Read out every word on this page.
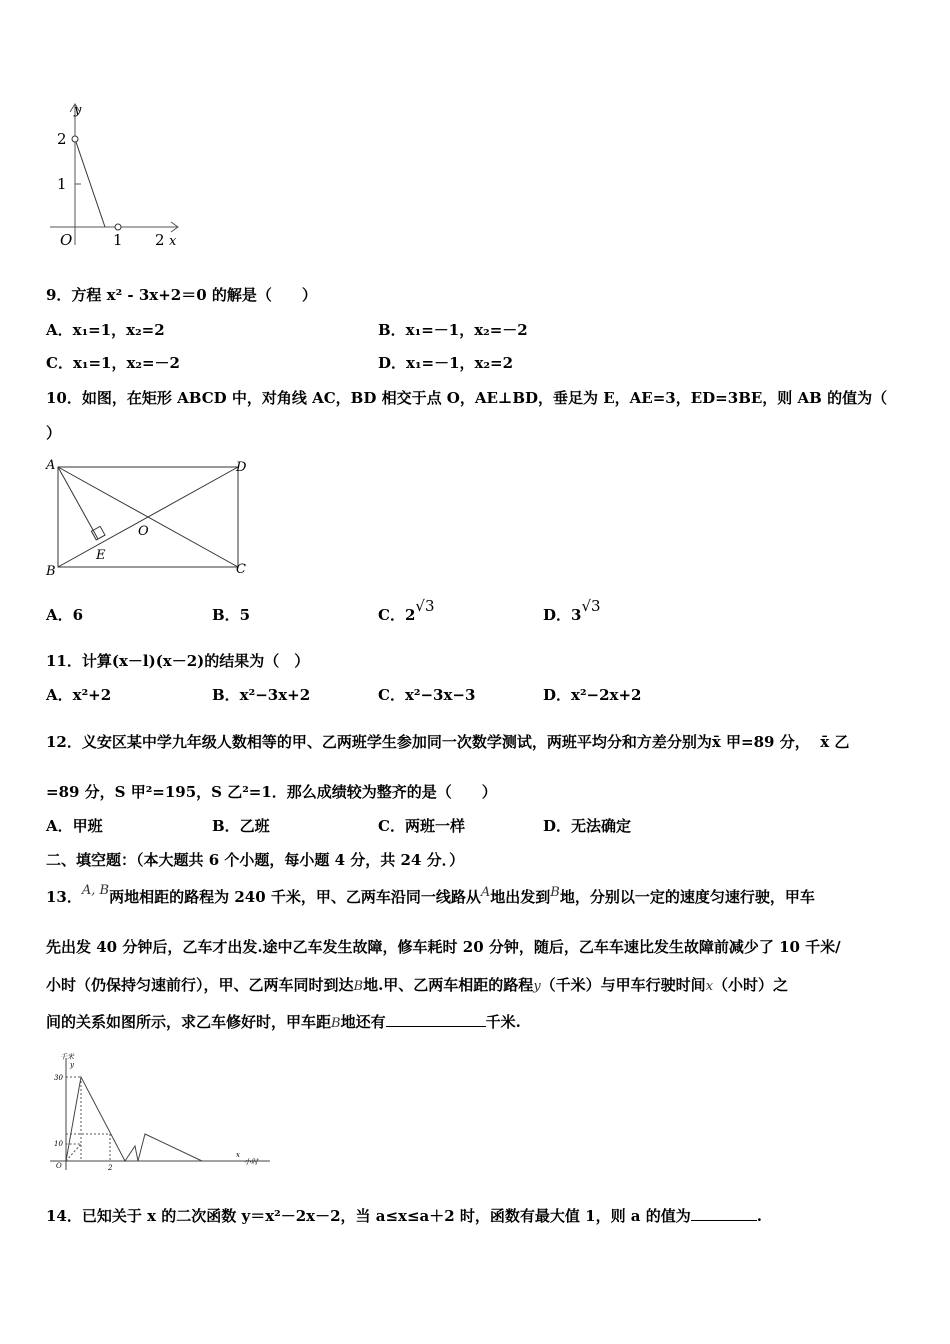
y
2
1
O	1 2 x
9．方程 x² - 3x+2＝0 的解是（　　）
A．x₁=1，x₂=2	B．x₁=－1，x₂=－2
C．x₁=1，x₂=－2	D．x₁=－1，x₂=2
10．如图，在矩形 ABCD 中，对角线 AC，BD 相交于点 O，AE⊥BD，垂足为 E，AE=3，ED=3BE，则 AB 的值为（
）
A	D
B	C
E
O
A．6	B．5	C．2√3	D．3√3
11．计算(x－l)(x－2)的结果为（　）
A．x²+2	B．x²−3x+2	C．x²−3x−3	D．x²−2x+2
12．义安区某中学九年级人数相等的甲、乙两班学生参加同一次数学测试，两班平均分和方差分别为x̄ 甲=89 分， x̄ 乙
=89 分，S 甲²=195，S 乙²=1．那么成绩较为整齐的是（　　）
A．甲班	B．乙班	C．两班一样	D．无法确定
二、填空题：（本大题共 6 个小题，每小题 4 分，共 24 分．）
13．A, B两地相距的路程为 240 千米，甲、乙两车沿同一线路从A地出发到B地，分别以一定的速度匀速行驶，甲车
先出发 40 分钟后，乙车才出发.途中乙车发生故障，修车耗时 20 分钟，随后，乙车车速比发生故障前减少了 10 千米/
小时（仍保持匀速前行），甲、乙两车同时到达B地.甲、乙两车相距的路程y（千米）与甲车行驶时间x（小时）之
间的关系如图所示，求乙车修好时，甲车距B地还有	千米.
千米
y
30
10
O	2
x
小时
14．已知关于 x 的二次函数 y＝x²－2x－2，当 a≤x≤a＋2 时，函数有最大值 1，则 a 的值为	.
